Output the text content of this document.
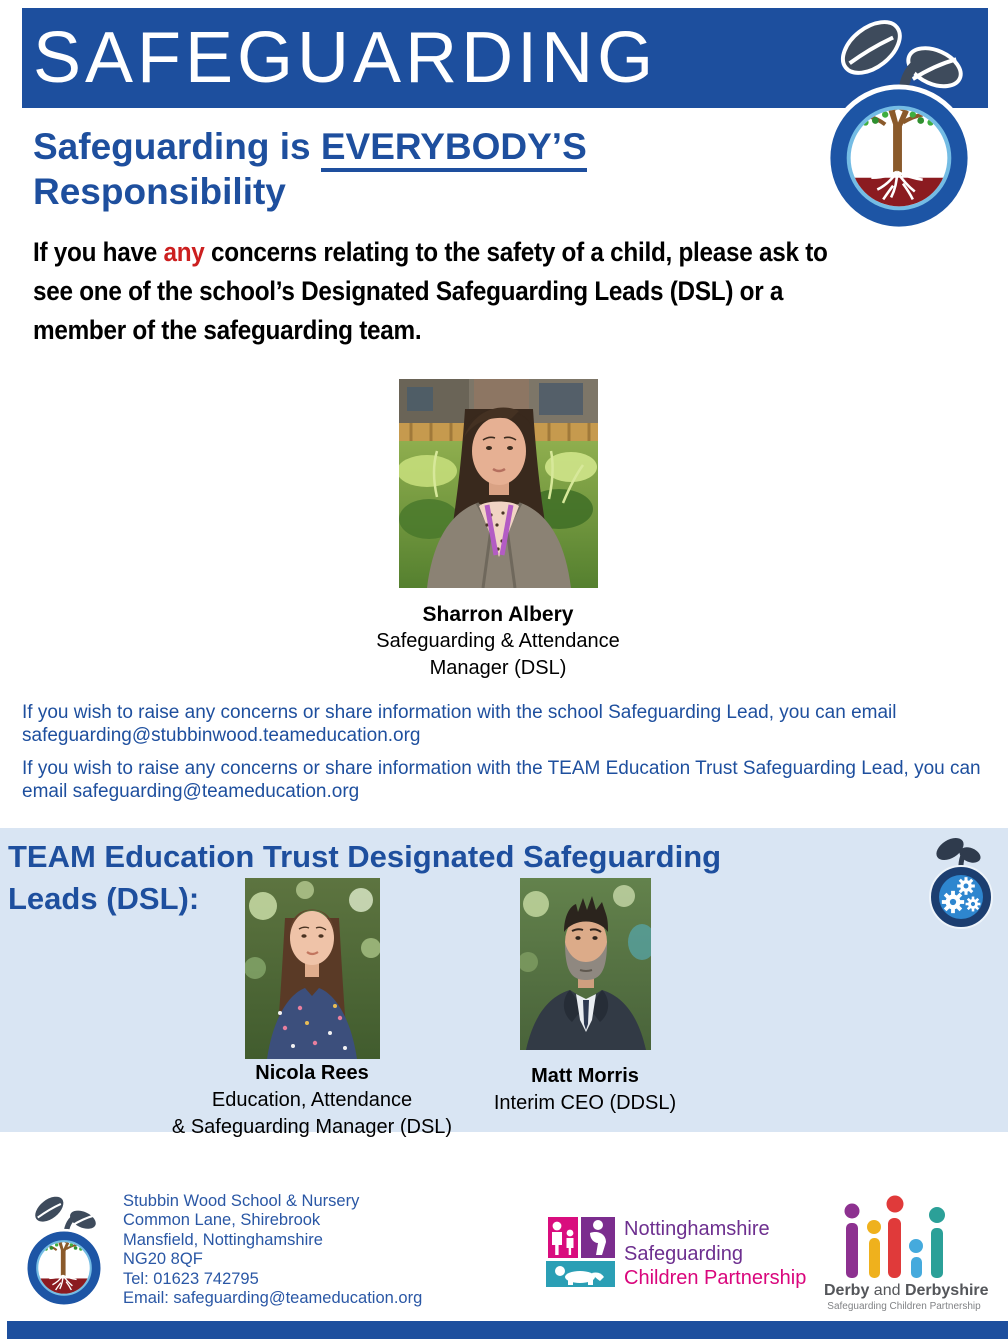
SAFEGUARDING
Safeguarding is EVERYBODY’S
Responsibility
If you have any concerns relating to the safety of a child, please ask to
see one of the school’s Designated Safeguarding Leads (DSL) or a
member of the safeguarding team.
Sharron Albery
Safeguarding & Attendance
Manager (DSL)
If you wish to raise any concerns or share information with the school Safeguarding Lead, you can email
safeguarding@stubbinwood.teameducation.org
If you wish to raise any concerns or share information with the TEAM Education Trust Safeguarding Lead, you can
email safeguarding@teameducation.org
TEAM Education Trust Designated Safeguarding
Leads (DSL):
Nicola Rees
Education, Attendance
& Safeguarding Manager (DSL)
Matt Morris
Interim CEO (DDSL)
Stubbin Wood School & Nursery
Common Lane, Shirebrook
Mansfield, Nottinghamshire
NG20 8QF
Tel: 01623 742795
Email: safeguarding@teameducation.org
Nottinghamshire
Safeguarding
Children Partnership
Derby and Derbyshire
Safeguarding Children Partnership
